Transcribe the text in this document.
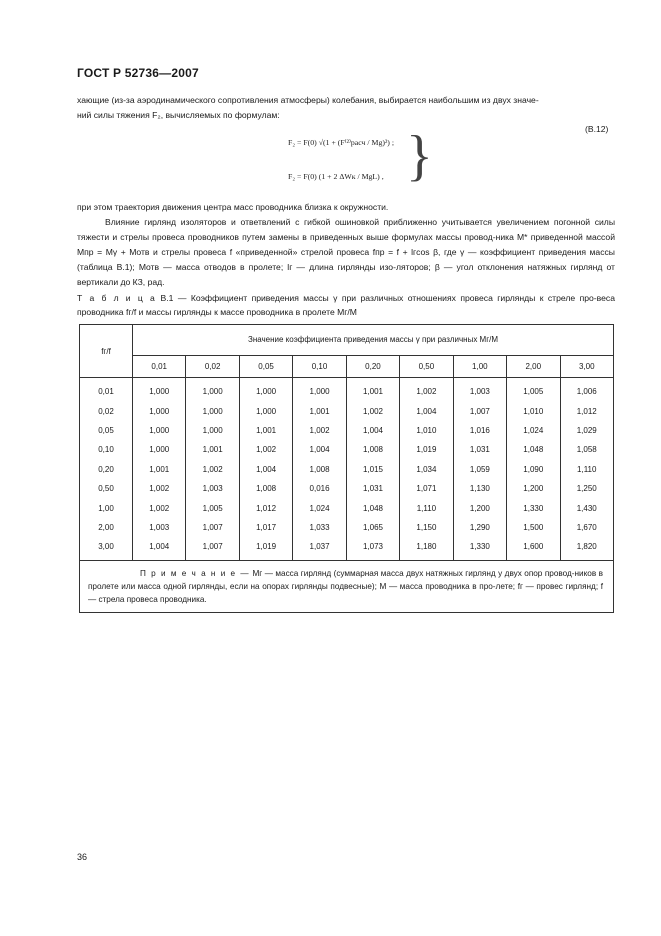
ГОСТ Р 52736—2007
хающие (из-за аэродинамического сопротивления атмосферы) колебания, выбирается наибольшим из двух значе-
ний силы тяжения F₂, вычисляемых по формулам:
(В.12)
F₂ = F(0) √(1 + (F⁽²⁾расч / Mg)²) ;
F₂ = F(0) (1 + 2 ΔWк / MgL) , }
при этом траектория движения центра масс проводника близка к окружности.
Влияние гирлянд изоляторов и ответвлений с гибкой ошиновкой приближенно учитывается увеличением погонной силы тяжести и стрелы провеса проводников путем замены в приведенных выше формулах массы провод-ника M* приведенной массой Mпр = Mγ + Mотв и стрелы провеса f «приведенной» стрелой провеса fпр = f + lгcos β, где γ — коэффициент приведения массы (таблица В.1); Mотв — масса отводов в пролете; lг — длина гирлянды изо-ляторов; β — угол отклонения натяжных гирлянд от вертикали до КЗ, рад.
Т а б л и ц а В.1 — Коэффициент приведения массы γ при различных отношениях провеса гирлянды к стреле про-веса проводника fг/f и массы гирлянды к массе проводника в пролете Mг/M
fг/f	Значение коэффициента приведения массы γ при различных Mг/M								
	0,01	0,02	0,05	0,10	0,20	0,50	1,00	2,00	3,00
0,01	1,000	1,000	1,000	1,000	1,001	1,002	1,003	1,005	1,006
0,02	1,000	1,000	1,000	1,001	1,002	1,004	1,007	1,010	1,012
0,05	1,000	1,000	1,001	1,002	1,004	1,010	1,016	1,024	1,029
0,10	1,000	1,001	1,002	1,004	1,008	1,019	1,031	1,048	1,058
0,20	1,001	1,002	1,004	1,008	1,015	1,034	1,059	1,090	1,110
0,50	1,002	1,003	1,008	0,016	1,031	1,071	1,130	1,200	1,250
1,00	1,002	1,005	1,012	1,024	1,048	1,110	1,200	1,330	1,430
2,00	1,003	1,007	1,017	1,033	1,065	1,150	1,290	1,500	1,670
3,00	1,004	1,007	1,019	1,037	1,073	1,180	1,330	1,600	1,820
П р и м е ч а н и е — Mг — масса гирлянд (суммарная масса двух натяжных гирлянд у двух опор провод-ников в пролете или масса одной гирлянды, если на опорах гирлянды подвесные); M — масса проводника в про-лете; fг — провес гирлянд; f — стрела провеса проводника.									
36
